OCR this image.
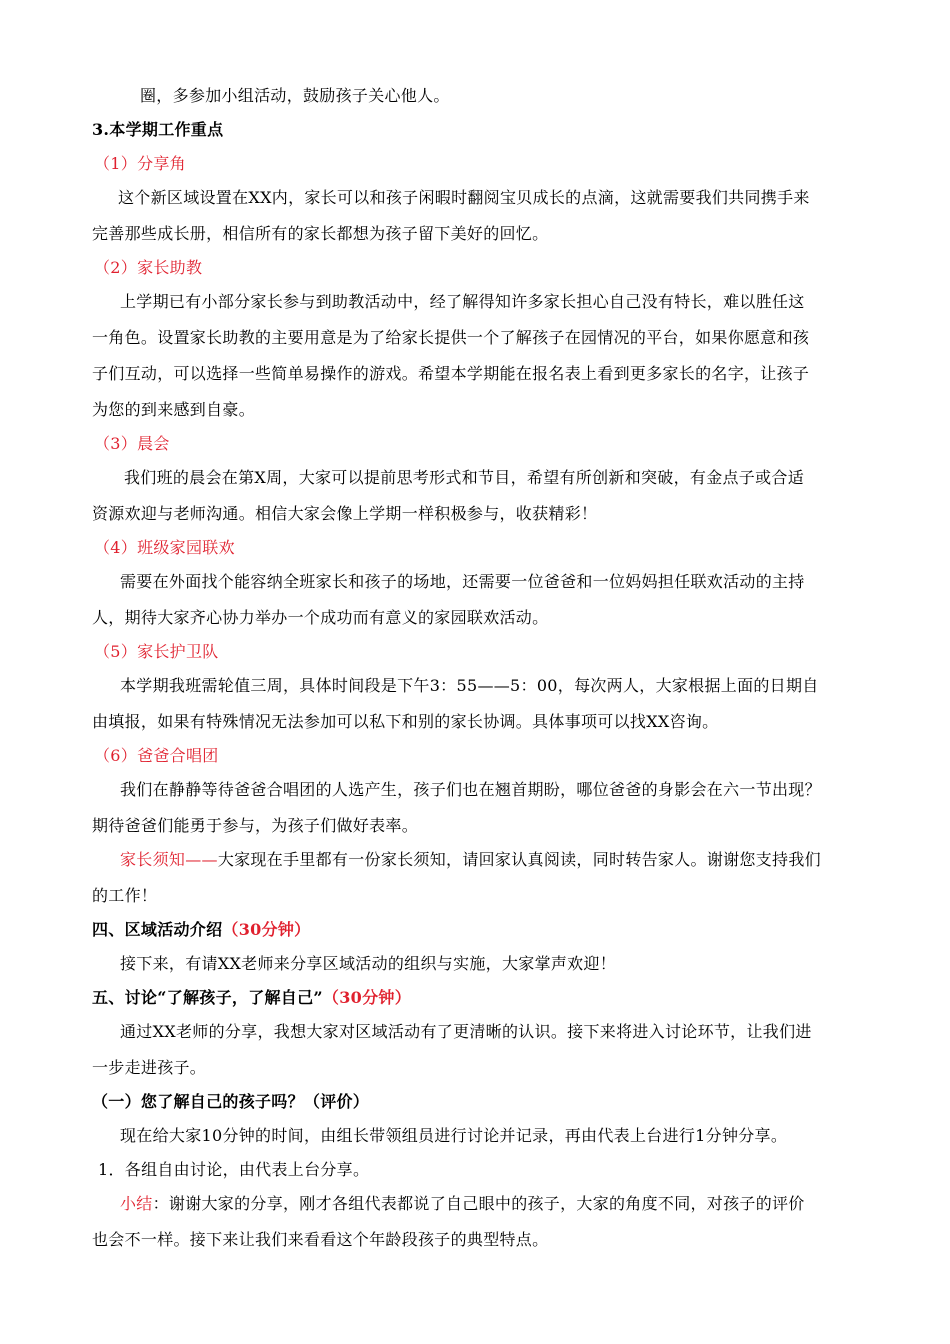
圈，多参加小组活动，鼓励孩子关心他人。
3.本学期工作重点
（1）分享角
这个新区域设置在XX内，家长可以和孩子闲暇时翻阅宝贝成长的点滴，这就需要我们共同携手来
完善那些成长册，相信所有的家长都想为孩子留下美好的回忆。
（2）家长助教
上学期已有小部分家长参与到助教活动中，经了解得知许多家长担心自己没有特长，难以胜任这
一角色。设置家长助教的主要用意是为了给家长提供一个了解孩子在园情况的平台，如果你愿意和孩
子们互动，可以选择一些简单易操作的游戏。希望本学期能在报名表上看到更多家长的名字，让孩子
为您的到来感到自豪。
（3）晨会
我们班的晨会在第X周，大家可以提前思考形式和节目，希望有所创新和突破，有金点子或合适
资源欢迎与老师沟通。相信大家会像上学期一样积极参与，收获精彩！
（4）班级家园联欢
需要在外面找个能容纳全班家长和孩子的场地，还需要一位爸爸和一位妈妈担任联欢活动的主持
人，期待大家齐心协力举办一个成功而有意义的家园联欢活动。
（5）家长护卫队
本学期我班需轮值三周，具体时间段是下午3：55——5：00，每次两人，大家根据上面的日期自
由填报，如果有特殊情况无法参加可以私下和别的家长协调。具体事项可以找XX咨询。
（6）爸爸合唱团
我们在静静等待爸爸合唱团的人选产生，孩子们也在翘首期盼，哪位爸爸的身影会在六一节出现？
期待爸爸们能勇于参与，为孩子们做好表率。
家长须知——大家现在手里都有一份家长须知，请回家认真阅读，同时转告家人。谢谢您支持我们
的工作！
四、区域活动介绍（30分钟）
接下来，有请XX老师来分享区域活动的组织与实施，大家掌声欢迎！
五、讨论“了解孩子，了解自己”（30分钟）
通过XX老师的分享，我想大家对区域活动有了更清晰的认识。接下来将进入讨论环节，让我们进
一步走进孩子。
（一）您了解自己的孩子吗？（评价）
现在给大家10分钟的时间，由组长带领组员进行讨论并记录，再由代表上台进行1分钟分享。
1．各组自由讨论，由代表上台分享。
小结：谢谢大家的分享，刚才各组代表都说了自己眼中的孩子，大家的角度不同，对孩子的评价
也会不一样。接下来让我们来看看这个年龄段孩子的典型特点。
